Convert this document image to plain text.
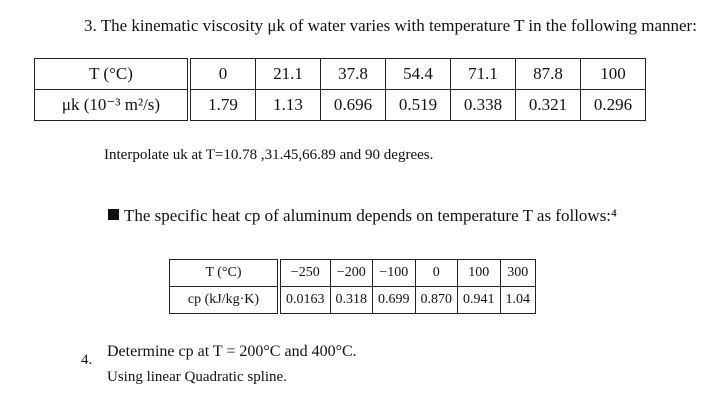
3. The kinematic viscosity μk of water varies with temperature T in the following manner:
T (°C)	0	21.1	37.8	54.4	71.1	87.8	100
μk (10⁻³ m²/s)	1.79	1.13	0.696	0.519	0.338	0.321	0.296
Interpolate uk at T=10.78 ,31.45,66.89 and 90 degrees.
The specific heat cp of aluminum depends on temperature T as follows:⁴
T (°C)	−250	−200	−100	0	100	300
cp (kJ/kg·K)	0.0163	0.318	0.699	0.870	0.941	1.04
4. Determine cp at T = 200°C and 400°C.
Using linear Quadratic spline.
